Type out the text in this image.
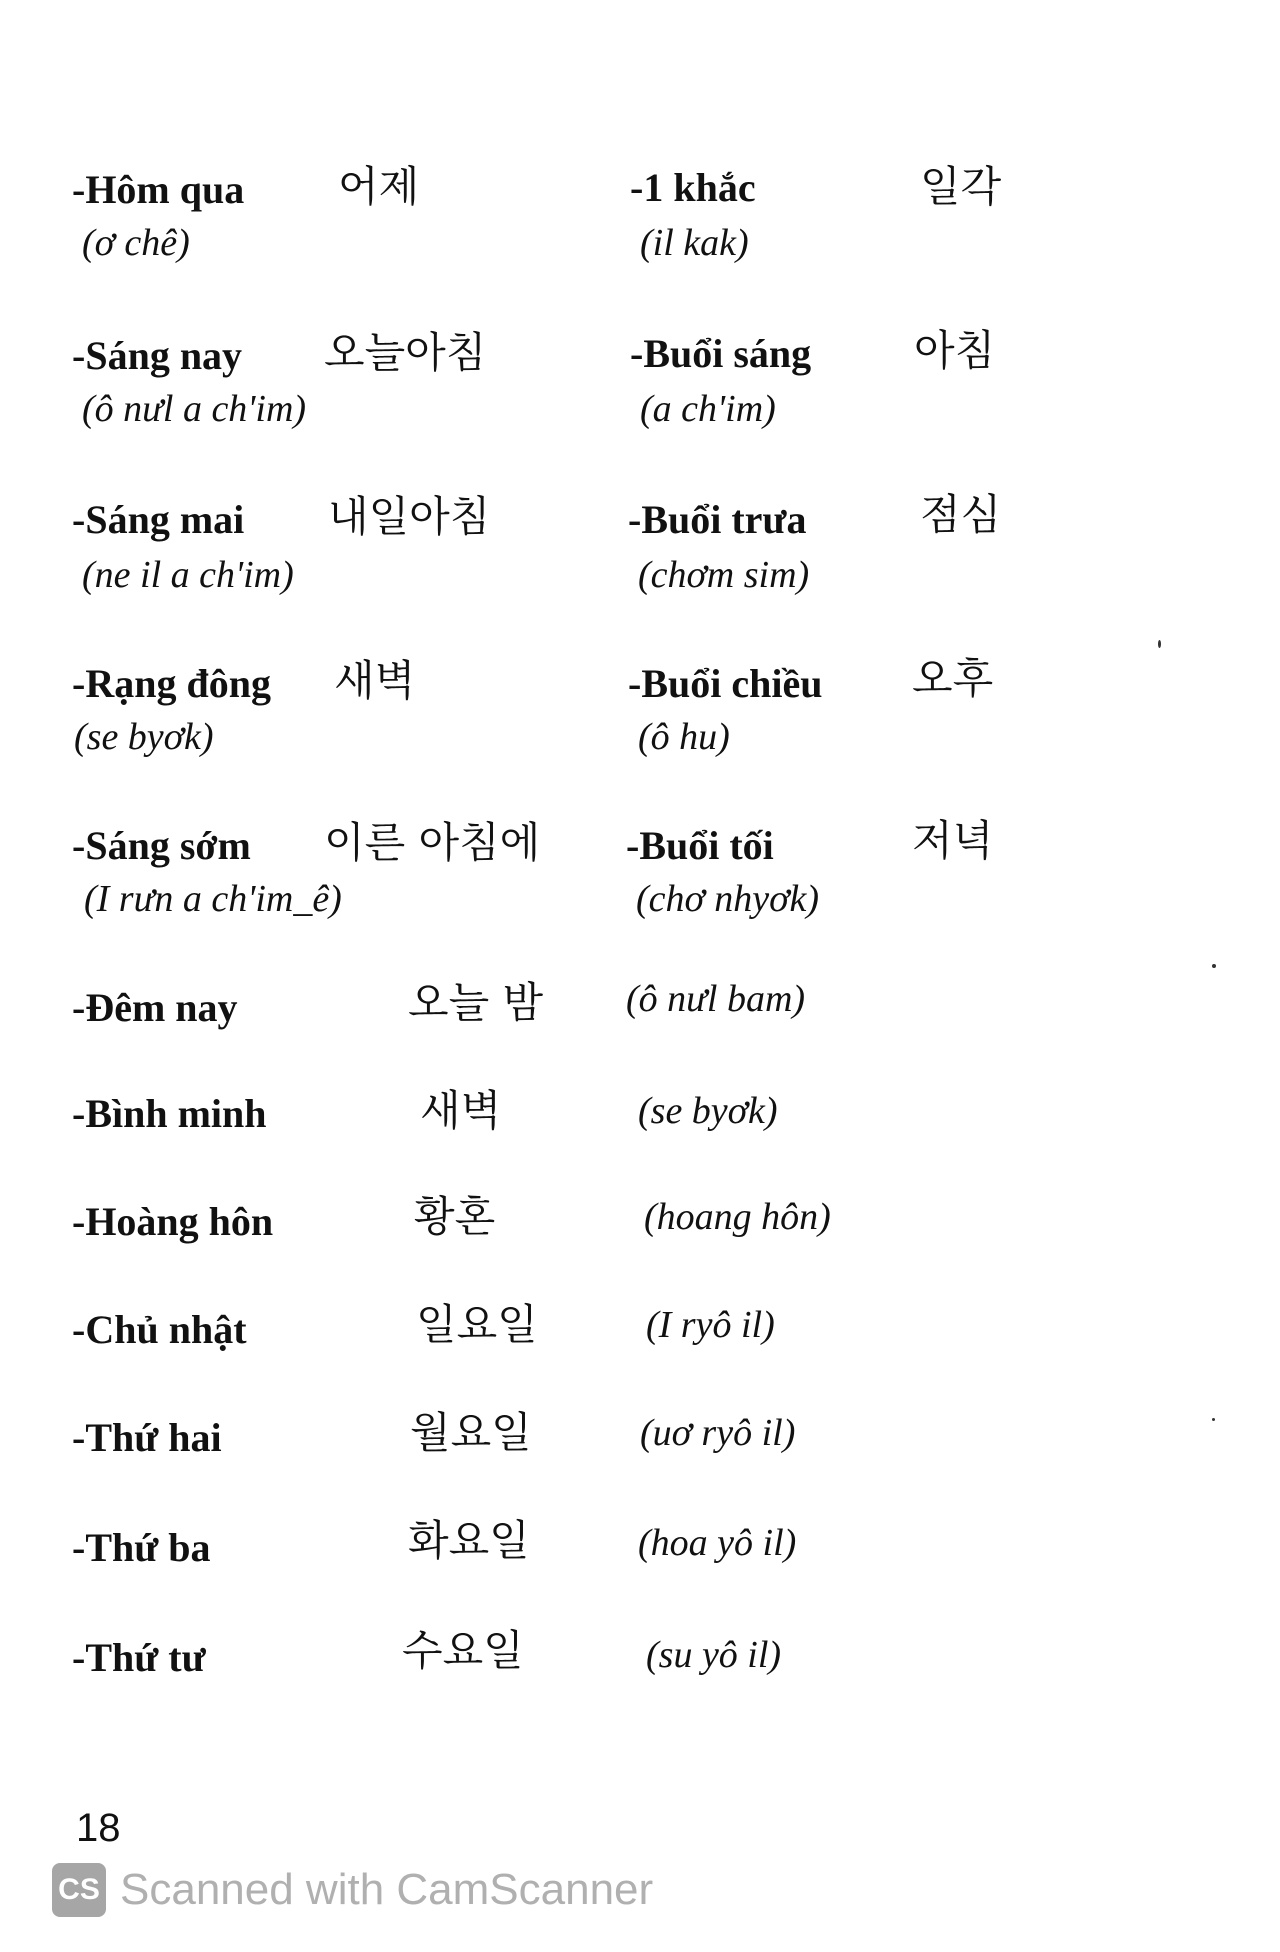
-Hôm qua 어제
(ơ chê)
-1 khắc	일각
(il kak)
-Sáng nay 오늘아침
(ô nưl a ch'im)
-Buổi sáng 아침
(a ch'im)
-Sáng mai 내일아침
(ne il a ch'im)
-Buổi trưa	점심
(chơm sim)
-Rạng đông 새벽
(se byơk)
-Buổi chiều 오후
(ô hu)
-Sáng sớm 이른 아침에
(I rưn a ch'im_ê)
-Buổi tối	저녁
(chơ nhyơk)
-Đêm nay	오늘 밤 (ô nưl bam)
-Bình minh	새벽	(se byơk)
-Hoàng hôn	황혼	(hoang hôn)
-Chủ nhật	일요일	(I ryô il)
-Thứ hai	월요일	(uơ ryô il)
-Thứ ba	화요일	(hoa yô il)
-Thứ tư	수요일	(su yô il)
18
CS Scanned with CamScanner
